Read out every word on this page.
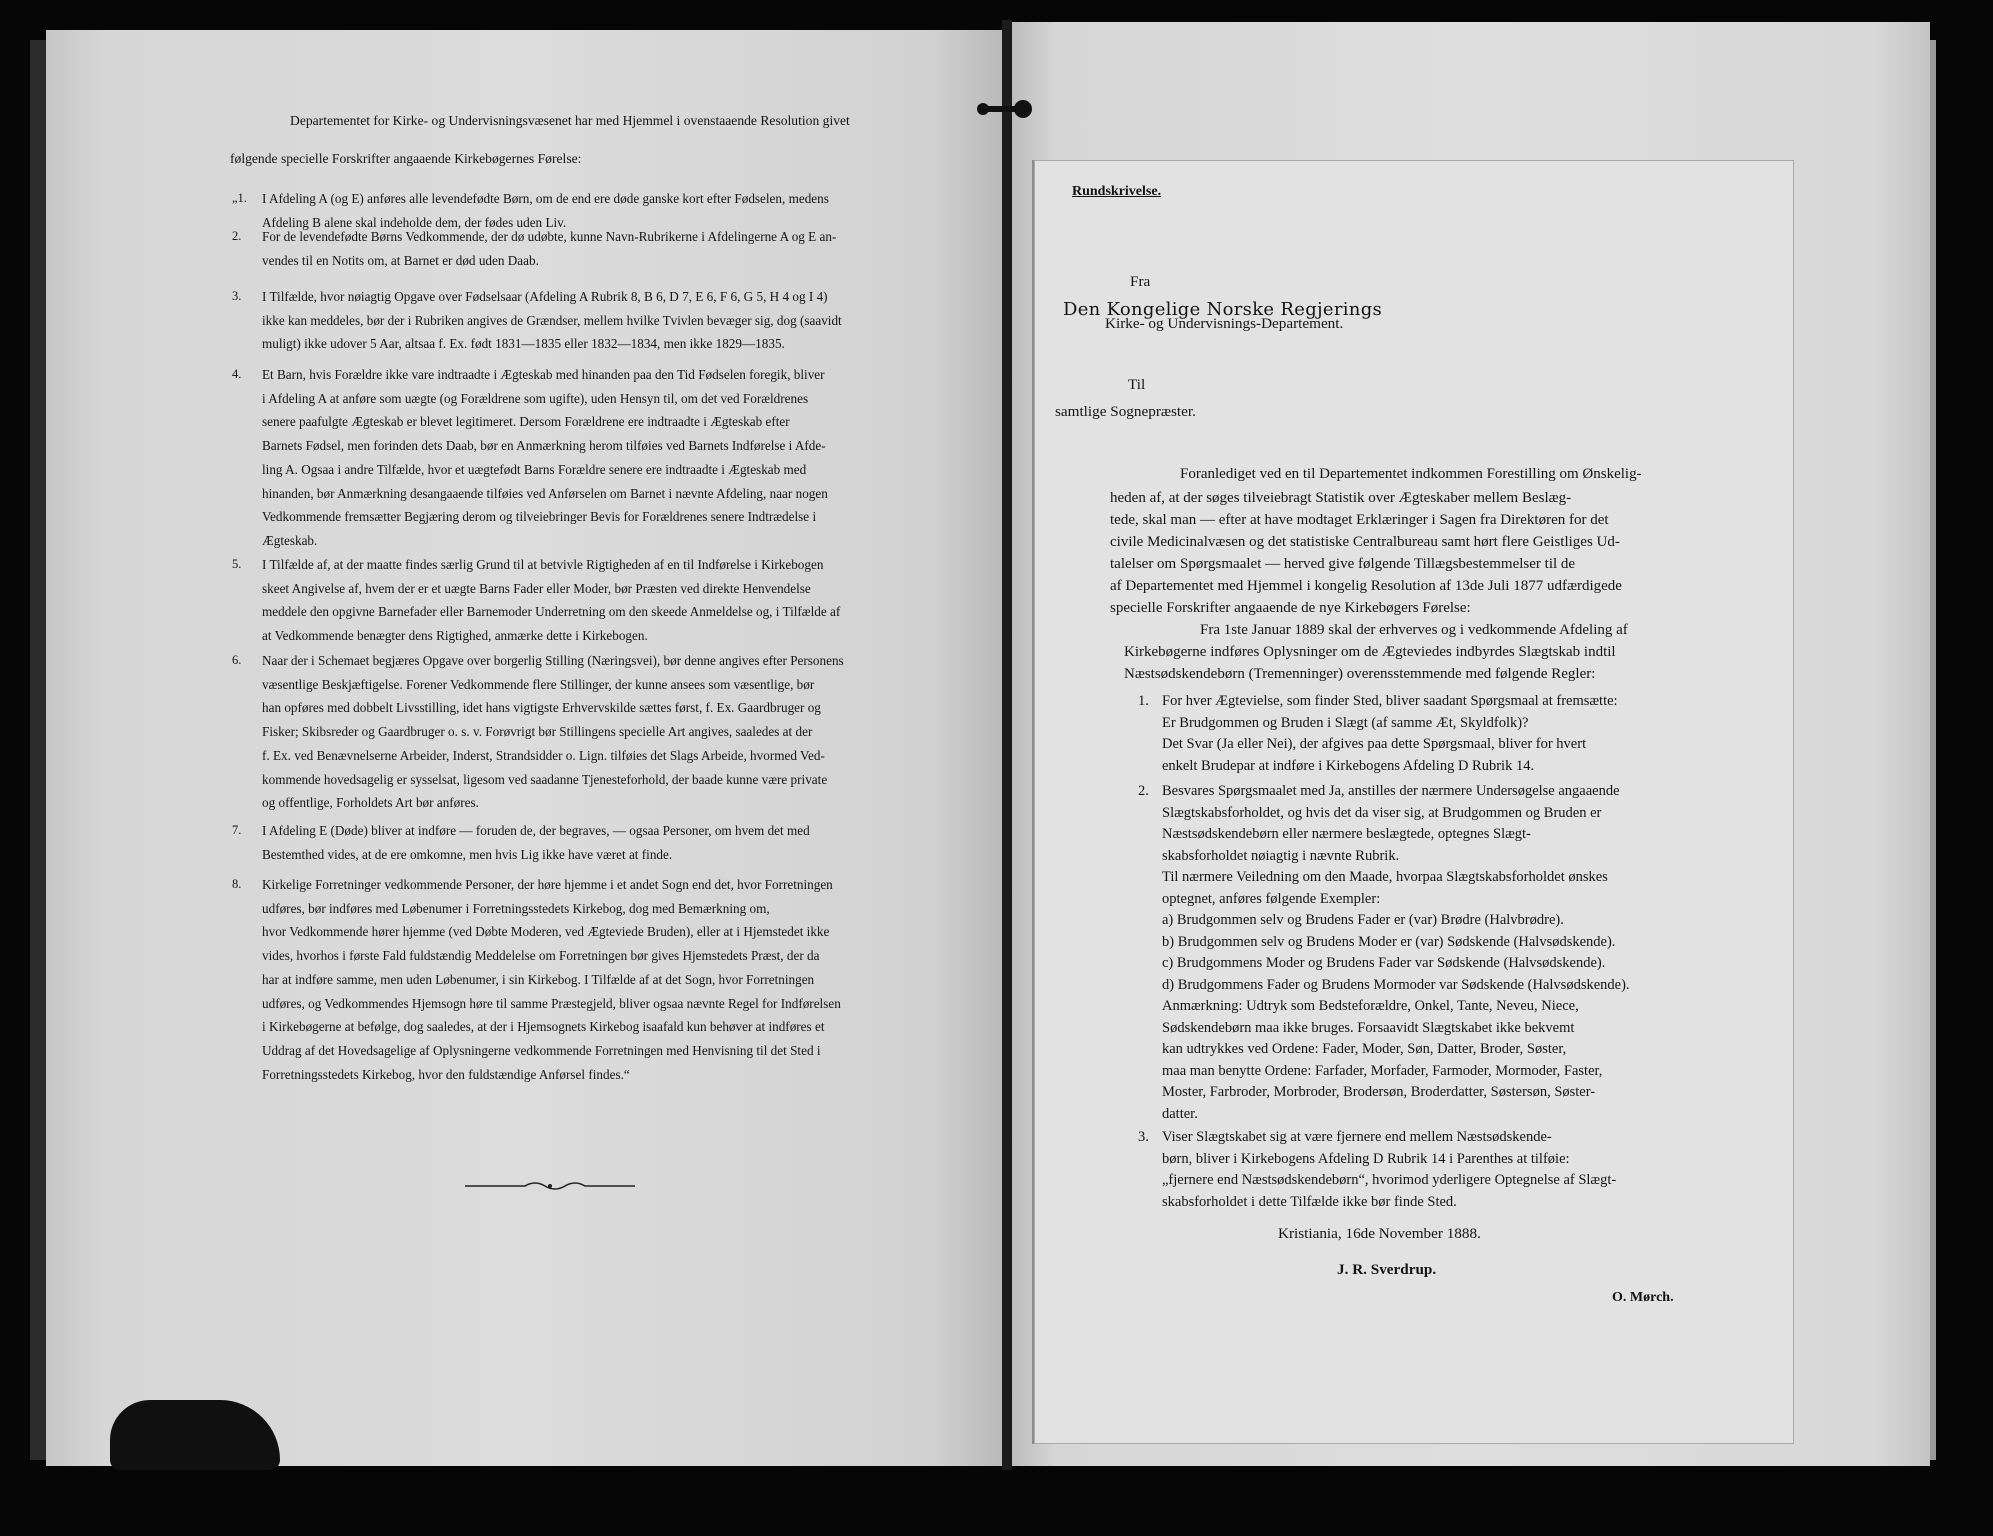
Departementet for Kirke- og Undervisningsvæsenet har med Hjemmel i ovenstaaende Resolution givet
følgende specielle Forskrifter angaaende Kirkebøgernes Førelse:
„1. I Afdeling A (og E) anføres alle levendefødte Børn, om de end ere døde ganske kort efter Fødselen, medens
Afdeling B alene skal indeholde dem, der fødes uden Liv.
2. For de levendefødte Børns Vedkommende, der dø udøbte, kunne Navn-Rubrikerne i Afdelingerne A og E an-
vendes til en Notits om, at Barnet er død uden Daab.
3. I Tilfælde, hvor nøiagtig Opgave over Fødselsaar (Afdeling A Rubrik 8, B 6, D 7, E 6, F 6, G 5, H 4 og I 4)
ikke kan meddeles, bør der i Rubriken angives de Grændser, mellem hvilke Tvivlen bevæger sig, dog (saavidt
muligt) ikke udover 5 Aar, altsaa f. Ex. født 1831—1835 eller 1832—1834, men ikke 1829—1835.
4. Et Barn, hvis Forældre ikke vare indtraadte i Ægteskab med hinanden paa den Tid Fødselen foregik, bliver
i Afdeling A at anføre som uægte (og Forældrene som ugifte), uden Hensyn til, om det ved Forældrenes
senere paafulgte Ægteskab er blevet legitimeret. Dersom Forældrene ere indtraadte i Ægteskab efter
Barnets Fødsel, men forinden dets Daab, bør en Anmærkning herom tilføies ved Barnets Indførelse i Afde-
ling A. Ogsaa i andre Tilfælde, hvor et uægtefødt Barns Forældre senere ere indtraadte i Ægteskab med
hinanden, bør Anmærkning desangaaende tilføies ved Anførselen om Barnet i nævnte Afdeling, naar nogen
Vedkommende fremsætter Begjæring derom og tilveiebringer Bevis for Forældrenes senere Indtrædelse i
Ægteskab.
5. I Tilfælde af, at der maatte findes særlig Grund til at betvivle Rigtigheden af en til Indførelse i Kirkebogen
skeet Angivelse af, hvem der er et uægte Barns Fader eller Moder, bør Præsten ved direkte Henvendelse
meddele den opgivne Barnefader eller Barnemoder Underretning om den skeede Anmeldelse og, i Tilfælde af
at Vedkommende benægter dens Rigtighed, anmærke dette i Kirkebogen.
6. Naar der i Schemaet begjæres Opgave over borgerlig Stilling (Næringsvei), bør denne angives efter Personens
væsentlige Beskjæftigelse. Forener Vedkommende flere Stillinger, der kunne ansees som væsentlige, bør
han opføres med dobbelt Livsstilling, idet hans vigtigste Erhvervskilde sættes først, f. Ex. Gaardbruger og
Fisker; Skibsreder og Gaardbruger o. s. v. Forøvrigt bør Stillingens specielle Art angives, saaledes at der
f. Ex. ved Benævnelserne Arbeider, Inderst, Strandsidder o. Lign. tilføies det Slags Arbeide, hvormed Ved-
kommende hovedsagelig er sysselsat, ligesom ved saadanne Tjenesteforhold, der baade kunne være private
og offentlige, Forholdets Art bør anføres.
7. I Afdeling E (Døde) bliver at indføre — foruden de, der begraves, — ogsaa Personer, om hvem det med
Bestemthed vides, at de ere omkomne, men hvis Lig ikke have været at finde.
8. Kirkelige Forretninger vedkommende Personer, der høre hjemme i et andet Sogn end det, hvor Forretningen
udføres, bør indføres med Løbenumer i Forretningsstedets Kirkebog, dog med Bemærkning om,
hvor Vedkommende hører hjemme (ved Døbte Moderen, ved Ægteviede Bruden), eller at i Hjemstedet ikke
vides, hvorhos i første Fald fuldstændig Meddelelse om Forretningen bør gives Hjemstedets Præst, der da
har at indføre samme, men uden Løbenumer, i sin Kirkebog. I Tilfælde af at det Sogn, hvor Forretningen
udføres, og Vedkommendes Hjemsogn høre til samme Præstegjeld, bliver ogsaa nævnte Regel for Indførelsen
i Kirkebøgerne at befølge, dog saaledes, at der i Hjemsognets Kirkebog isaafald kun behøver at indføres et
Uddrag af det Hovedsagelige af Oplysningerne vedkommende Forretningen med Henvisning til det Sted i
Forretningsstedets Kirkebog, hvor den fuldstændige Anførsel findes.“
Rundskrivelse.
Fra
Den Kongelige Norske Regjerings
Kirke- og Undervisnings-Departement.
Til
samtlige Sognepræster.
Foranlediget ved en til Departementet indkommen Forestilling om Ønskelig-
heden af, at der søges tilveiebragt Statistik over Ægteskaber mellem Beslæg-
tede, skal man — efter at have modtaget Erklæringer i Sagen fra Direktøren for det
civile Medicinalvæsen og det statistiske Centralbureau samt hørt flere Geistliges Ud-
talelser om Spørgsmaalet — herved give følgende Tillægsbestemmelser til de
af Departementet med Hjemmel i kongelig Resolution af 13de Juli 1877 udfærdigede
specielle Forskrifter angaaende de nye Kirkebøgers Førelse:
Fra 1ste Januar 1889 skal der erhverves og i vedkommende Afdeling af
Kirkebøgerne indføres Oplysninger om de Ægteviedes indbyrdes Slægtskab indtil
Næstsødskendebørn (Tremenninger) overensstemmende med følgende Regler:
1. For hver Ægtevielse, som finder Sted, bliver saadant Spørgsmaal at fremsætte:
Er Brudgommen og Bruden i Slægt (af samme Æt, Skyldfolk)?
Det Svar (Ja eller Nei), der afgives paa dette Spørgsmaal, bliver for hvert
enkelt Brudepar at indføre i Kirkebogens Afdeling D Rubrik 14.
2. Besvares Spørgsmaalet med Ja, anstilles der nærmere Undersøgelse angaaende
Slægtskabsforholdet, og hvis det da viser sig, at Brudgommen og Bruden er
Næstsødskendebørn eller nærmere beslægtede, optegnes Slægt-
skabsforholdet nøiagtig i nævnte Rubrik.
Til nærmere Veiledning om den Maade, hvorpaa Slægtskabsforholdet ønskes
optegnet, anføres følgende Exempler:
a) Brudgommen selv og Brudens Fader er (var) Brødre (Halvbrødre).
b) Brudgommen selv og Brudens Moder er (var) Sødskende (Halvsødskende).
c) Brudgommens Moder og Brudens Fader var Sødskende (Halvsødskende).
d) Brudgommens Fader og Brudens Mormoder var Sødskende (Halvsødskende).
Anmærkning: Udtryk som Bedsteforældre, Onkel, Tante, Neveu, Niece,
Sødskendebørn maa ikke bruges. Forsaavidt Slægtskabet ikke bekvemt
kan udtrykkes ved Ordene: Fader, Moder, Søn, Datter, Broder, Søster,
maa man benytte Ordene: Farfader, Morfader, Farmoder, Mormoder, Faster,
Moster, Farbroder, Morbroder, Brodersøn, Broderdatter, Søstersøn, Søster-
datter.
3. Viser Slægtskabet sig at være fjernere end mellem Næstsødskende-
børn, bliver i Kirkebogens Afdeling D Rubrik 14 i Parenthes at tilføie:
„fjernere end Næstsødskendebørn“, hvorimod yderligere Optegnelse af Slægt-
skabsforholdet i dette Tilfælde ikke bør finde Sted.
Kristiania, 16de November 1888.
J. R. Sverdrup.
O. Mørch.
